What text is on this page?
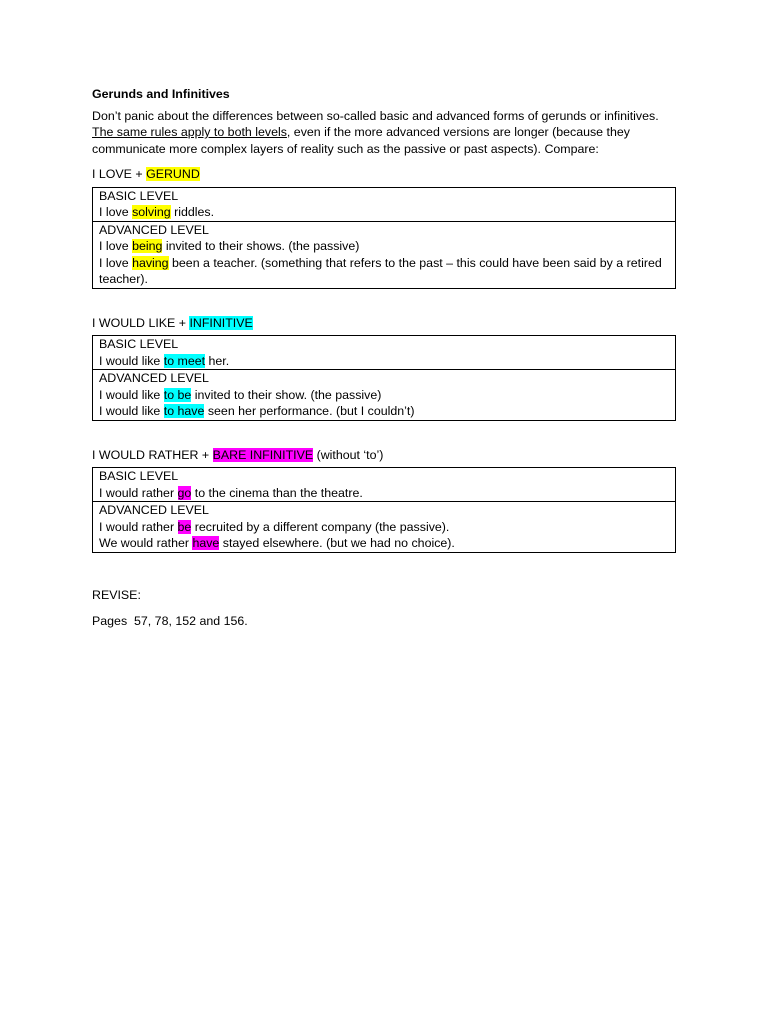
Gerunds and Infinitives

Don’t panic about the differences between so-called basic and advanced forms of gerunds or infinitives. The same rules apply to both levels, even if the more advanced versions are longer (because they communicate more complex layers of reality such as the passive or past aspects). Compare:

I LOVE + GERUND

BASIC LEVEL
I love solving riddles.

ADVANCED LEVEL
I love being invited to their shows. (the passive)
I love having been a teacher. (something that refers to the past – this could have been said by a retired teacher).

I WOULD LIKE + INFINITIVE

BASIC LEVEL
I would like to meet her.

ADVANCED LEVEL
I would like to be invited to their show. (the passive)
I would like to have seen her performance. (but I couldn’t)

I WOULD RATHER + BARE INFINITIVE (without ‘to’)

BASIC LEVEL
I would rather go to the cinema than the theatre.

ADVANCED LEVEL
I would rather be recruited by a different company (the passive).
We would rather have stayed elsewhere. (but we had no choice).

REVISE:

Pages  57, 78, 152 and 156.
